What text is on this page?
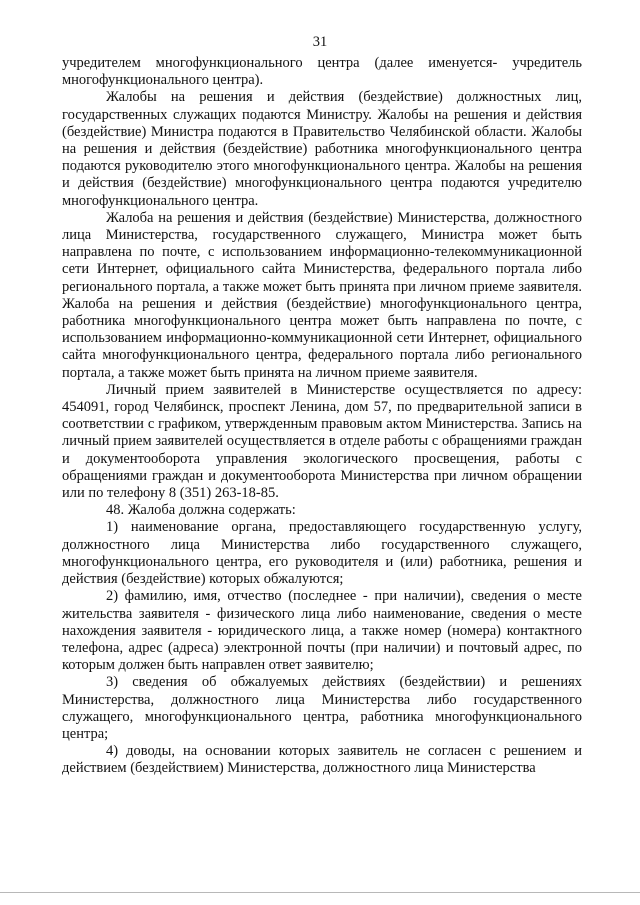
31

учредителем многофункционального центра (далее именуется- учредитель многофункционального центра).

Жалобы на решения и действия (бездействие) должностных лиц, государственных служащих подаются Министру. Жалобы на решения и действия (бездействие) Министра подаются в Правительство Челябинской области. Жалобы на решения и действия (бездействие) работника многофункционального центра подаются руководителю этого многофункционального центра. Жалобы на решения и действия (бездействие) многофункционального центра подаются учредителю многофункционального центра.

Жалоба на решения и действия (бездействие) Министерства, должностного лица Министерства, государственного служащего, Министра может быть направлена по почте, с использованием информационно-телекоммуникационной сети Интернет, официального сайта Министерства, федерального портала либо регионального портала, а также может быть принята при личном приеме заявителя. Жалоба на решения и действия (бездействие) многофункционального центра, работника многофункционального центра может быть направлена по почте, с использованием информационно-коммуникационной сети Интернет, официального сайта многофункционального центра, федерального портала либо регионального портала, а также может быть принята на личном приеме заявителя.

Личный прием заявителей в Министерстве осуществляется по адресу: 454091, город Челябинск, проспект Ленина, дом 57, по предварительной записи в соответствии с графиком, утвержденным правовым актом Министерства. Запись на личный прием заявителей осуществляется в отделе работы с обращениями граждан и документооборота управления экологического просвещения, работы с обращениями граждан и документооборота Министерства при личном обращении или по телефону 8 (351) 263-18-85.

48. Жалоба должна содержать:

1) наименование органа, предоставляющего государственную услугу, должностного лица Министерства либо государственного служащего, многофункционального центра, его руководителя и (или) работника, решения и действия (бездействие) которых обжалуются;

2) фамилию, имя, отчество (последнее - при наличии), сведения о месте жительства заявителя - физического лица либо наименование, сведения о месте нахождения заявителя - юридического лица, а также номер (номера) контактного телефона, адрес (адреса) электронной почты (при наличии) и почтовый адрес, по которым должен быть направлен ответ заявителю;

3) сведения об обжалуемых действиях (бездействии) и решениях Министерства, должностного лица Министерства либо государственного служащего, многофункционального центра, работника многофункционального центра;

4) доводы, на основании которых заявитель не согласен с решением и действием (бездействием) Министерства, должностного лица Министерства
